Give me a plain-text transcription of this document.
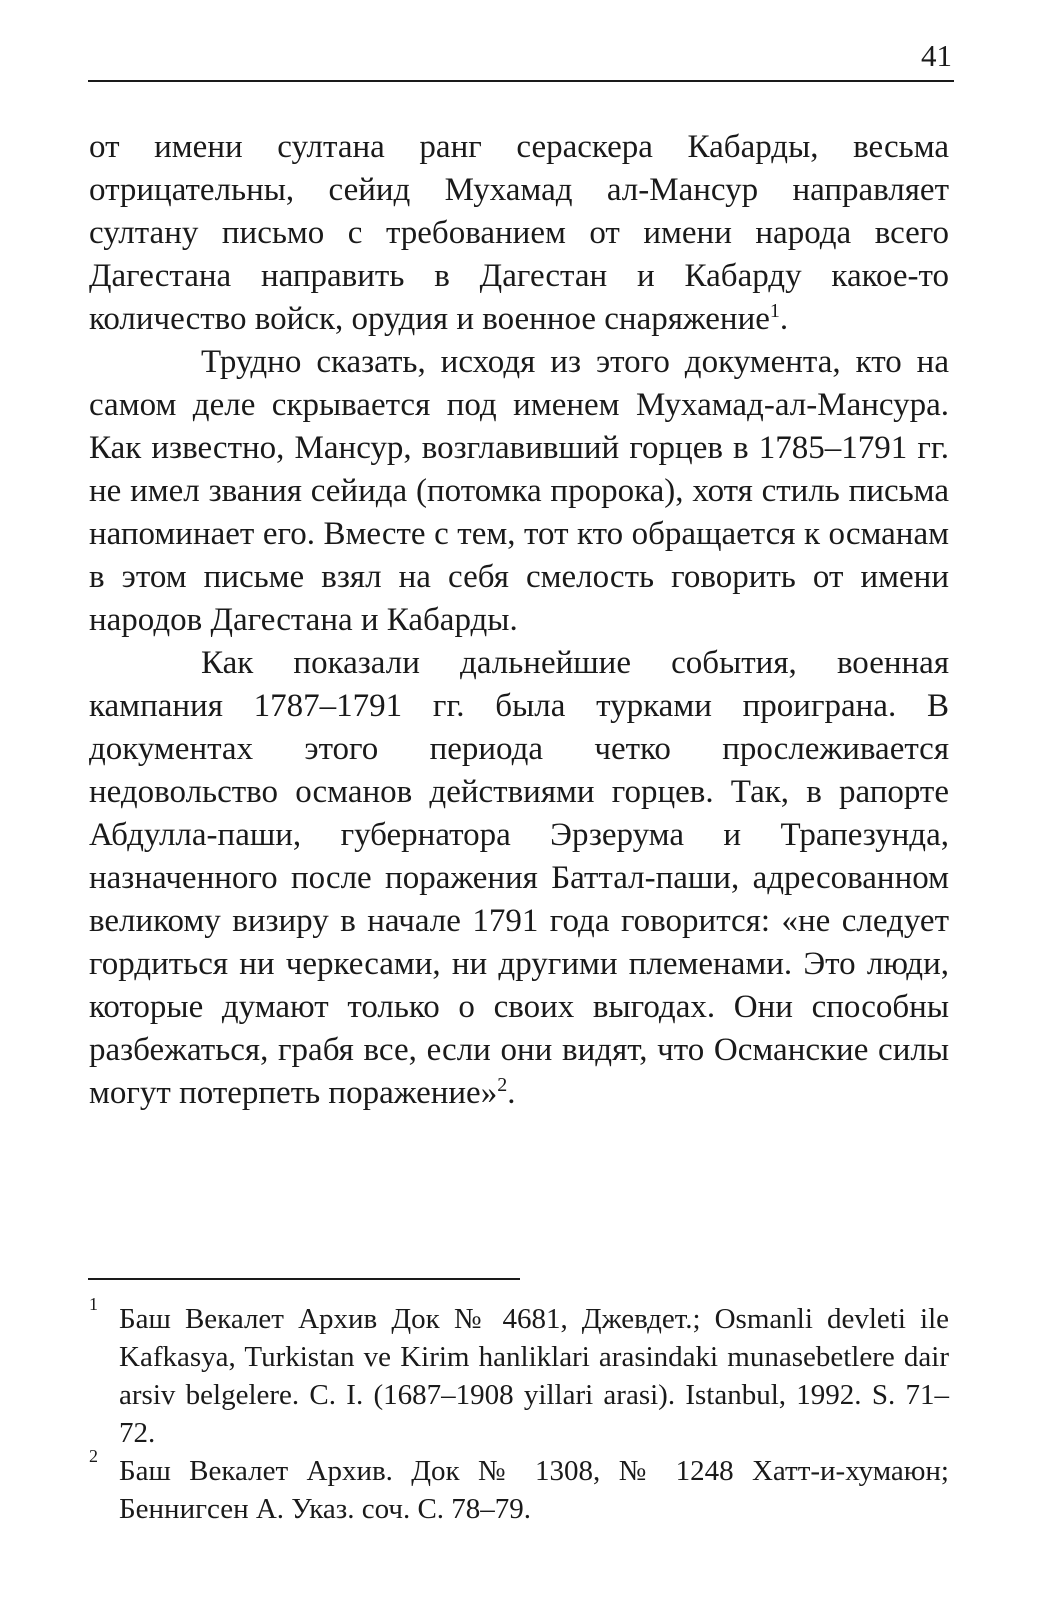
41

от имени султана ранг сераскера Кабарды, весьма отрицательны, сейид Мухамад ал-Мансур направляет султану письмо с требованием от имени народа всего Дагестана направить в Дагестан и Кабарду какое-то количество войск, орудия и военное снаряжение$^1$.

Трудно сказать, исходя из этого документа, кто на самом деле скрывается под именем Мухамад-ал-Мансура. Как известно, Мансур, возглавивший горцев в 1785–1791 гг. не имел звания сейида (потомка пророка), хотя стиль письма напоминает его. Вместе с тем, тот кто обращается к османам в этом письме взял на себя смелость говорить от имени народов Дагестана и Кабарды.

Как показали дальнейшие события, военная кампания 1787–1791 гг. была турками проиграна. В документах этого периода четко прослеживается недовольство османов действиями горцев. Так, в рапорте Абдулла-паши, губернатора Эрзерума и Трапезунда, назначенного после поражения Баттал-паши, адресованном великому визиру в начале 1791 года говорится: «не следует гордиться ни черкесами, ни другими племенами. Это люди, которые думают только о своих выгодах. Они способны разбежаться, грабя все, если они видят, что Османские силы могут потерпеть поражение»$^2$.

1 Баш Векалет Архив Док № 4681, Джевдет.; Osmanli devleti ile Kafkasya, Turkistan ve Kirim hanliklari arasindaki munasebetlere dair arsiv belgelere. C. I. (1687–1908 yillari arasi). Istanbul, 1992. S. 71–72.

2 Баш Векалет Архив. Док № 1308, № 1248 Хатт-и-хумаюн; Беннигсен А. Указ. соч. С. 78–79.
